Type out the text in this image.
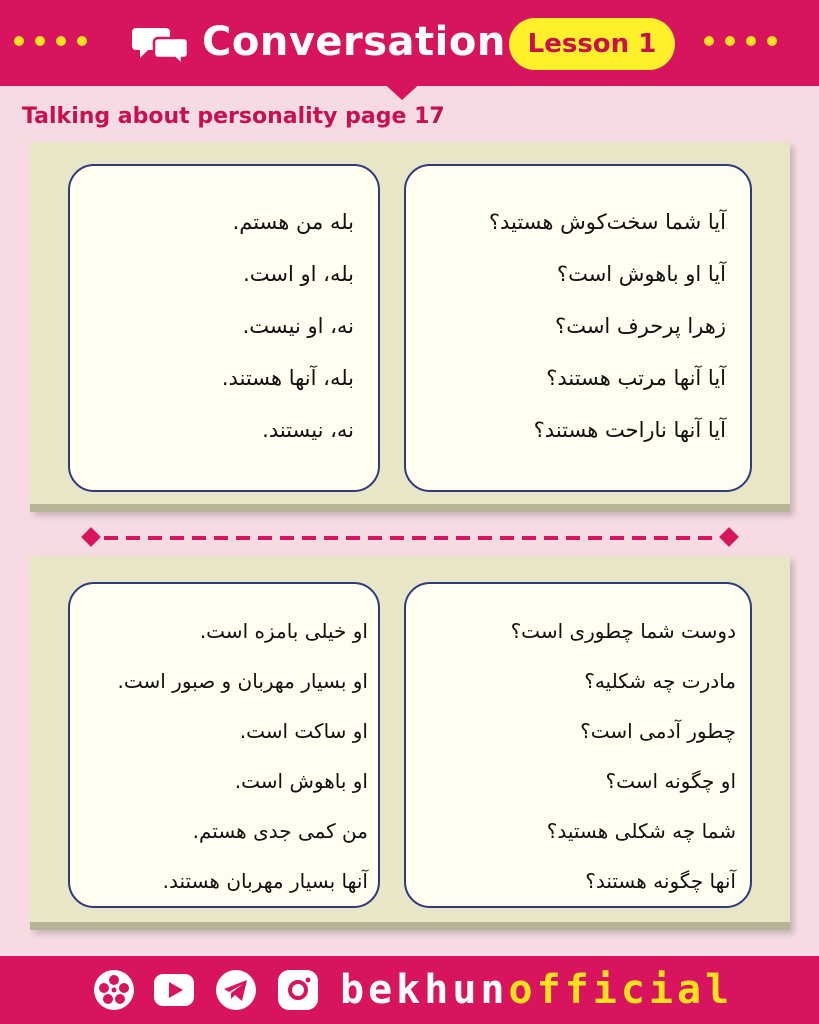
Conversation Lesson 1
Talking about personality page 17
آیا شما سخت‌کوش هستید؟
آیا او باهوش است؟
زهرا پرحرف است؟
آیا آنها مرتب هستند؟
آیا آنها ناراحت هستند؟
بله من هستم.
بله، او است.
نه، او نیست.
بله، آنها هستند.
نه، نیستند.
دوست شما چطوری است؟
مادرت چه شکلیه؟
چطور آدمی است؟
او چگونه است؟
شما چه شکلی هستید؟
آنها چگونه هستند؟
او خیلی بامزه است.
او بسیار مهربان و صبور است.
او ساکت است.
او باهوش است.
من کمی جدی هستم.
آنها بسیار مهربان هستند.
bekhunofficial
